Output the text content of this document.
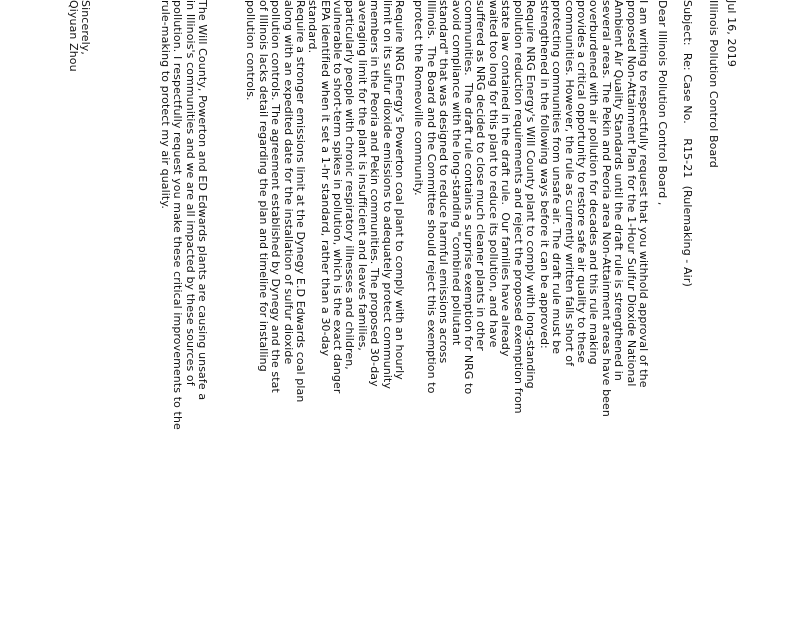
Jul 16, 2019
Illinois Pollution Control Board
Subject:  Re: Case No.    R15-21  (Rulemaking - Air)
Dear Illinois Pollution Control Board ,
I am writing to respectfully request that you withhold approval of the
proposed Non-Attainment Plan for the 1-Hour Sulfur Dioxide National
Ambient Air Quality Standards until the draft rule is strengthened in
several areas. The Pekin and Peoria area Non-Attainment areas have been
overburdened with air pollution for decades and this rule making
provides a critical opportunity to restore safe air quality to these
communities. However, the rule as currently written falls short of
protecting communities from unsafe air. The draft rule must be
strengthened in the following ways before it can be approved:
Require NRG Energy's Will County plant to comply with long-standing
pollution reduction requirements and reject the proposed exemption from
state law contained in the draft rule.  Our families have already
waited too long for this plant to reduce its pollution, and have
suffered as NRG decided to close much cleaner plants in other
communities.  The draft rule contains a surprise exemption for NRG to
avoid compliance with the long-standing "combined pollutant
standard" that was designed to reduce harmful emissions across
Illinois.  The Board and the Committee should reject this exemption to
protect the Romeoville community.
Require NRG Energy's Powerton coal plant to comply with an hourly
limit on its sulfur dioxide emissions to adequately protect community
members in the Peoria and Pekin communities. The proposed 30-day
averaging limit for the plant is insufficient and leaves families,
particularly people with chronic respiratory illnesses and children,
vulnerable to short-term spikes in pollution, which is the exact danger
EPA identified when it set a 1-hr standard, rather than a 30-day
standard.
Require a stronger emissions limit at the Dynegy E.D Edwards coal plan
along with an expedited date for the installation of sulfur dioxide
pollution controls. The agreement established by Dynegy and the stat
of Illinois lacks detail regarding the plan and timeline for installing
pollution controls.
The Will County, Powerton and ED Edwards plants are causing unsafe a
in Illinois's communities and we are all impacted by these sources of
pollution. I respectfully request you make these critical improvements to the
rule-making to protect my air quality.
Sincerely,
Qiyuan Zhou
